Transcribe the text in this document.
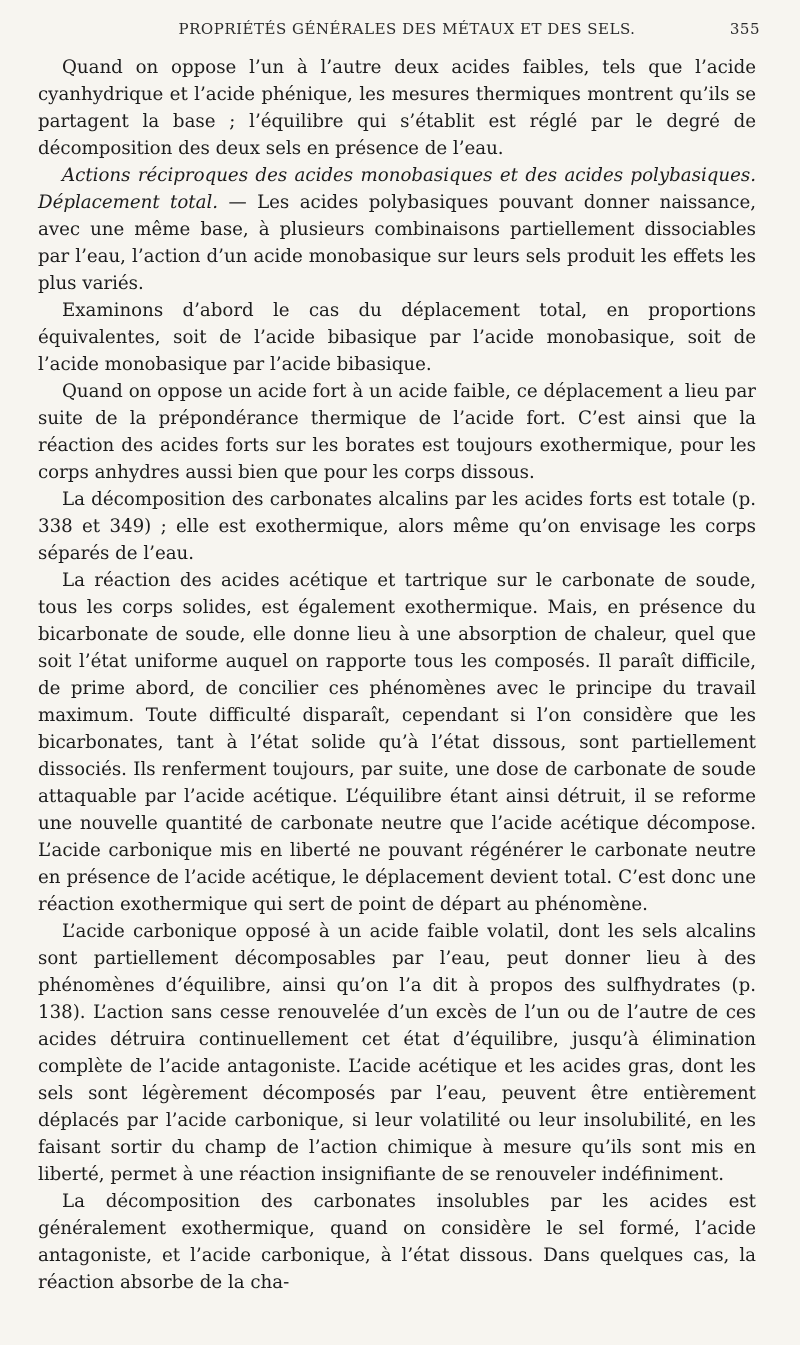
PROPRIÉTÉS GÉNÉRALES DES MÉTAUX ET DES SELS.	355

Quand on oppose l’un à l’autre deux acides faibles, tels que l’acide cyanhydrique et l’acide phénique, les mesures thermiques montrent qu’ils se partagent la base ; l’équilibre qui s’établit est réglé par le degré de décomposition des deux sels en présence de l’eau.

Actions réciproques des acides monobasiques et des acides polybasiques. Déplacement total. — Les acides polybasiques pouvant donner naissance, avec une même base, à plusieurs combinaisons partiellement dissociables par l’eau, l’action d’un acide monobasique sur leurs sels produit les effets les plus variés.

Examinons d’abord le cas du déplacement total, en proportions équivalentes, soit de l’acide bibasique par l’acide monobasique, soit de l’acide monobasique par l’acide bibasique.

Quand on oppose un acide fort à un acide faible, ce déplacement a lieu par suite de la prépondérance thermique de l’acide fort. C’est ainsi que la réaction des acides forts sur les borates est toujours exothermique, pour les corps anhydres aussi bien que pour les corps dissous.

La décomposition des carbonates alcalins par les acides forts est totale (p. 338 et 349) ; elle est exothermique, alors même qu’on envisage les corps séparés de l’eau.

La réaction des acides acétique et tartrique sur le carbonate de soude, tous les corps solides, est également exothermique. Mais, en présence du bicarbonate de soude, elle donne lieu à une absorption de chaleur, quel que soit l’état uniforme auquel on rapporte tous les composés. Il paraît difficile, de prime abord, de concilier ces phénomènes avec le principe du travail maximum. Toute difficulté disparaît, cependant si l’on considère que les bicarbonates, tant à l’état solide qu’à l’état dissous, sont partiellement dissociés. Ils renferment toujours, par suite, une dose de carbonate de soude attaquable par l’acide acétique. L’équilibre étant ainsi détruit, il se reforme une nouvelle quantité de carbonate neutre que l’acide acétique décompose. L’acide carbonique mis en liberté ne pouvant régénérer le carbonate neutre en présence de l’acide acétique, le déplacement devient total. C’est donc une réaction exothermique qui sert de point de départ au phénomène.

L’acide carbonique opposé à un acide faible volatil, dont les sels alcalins sont partiellement décomposables par l’eau, peut donner lieu à des phénomènes d’équilibre, ainsi qu’on l’a dit à propos des sulfhydrates (p. 138). L’action sans cesse renouvelée d’un excès de l’un ou de l’autre de ces acides détruira continuellement cet état d’équilibre, jusqu’à élimination complète de l’acide antagoniste. L’acide acétique et les acides gras, dont les sels sont légèrement décomposés par l’eau, peuvent être entièrement déplacés par l’acide carbonique, si leur volatilité ou leur insolubilité, en les faisant sortir du champ de l’action chimique à mesure qu’ils sont mis en liberté, permet à une réaction insignifiante de se renouveler indéfiniment.

La décomposition des carbonates insolubles par les acides est généralement exothermique, quand on considère le sel formé, l’acide antagoniste, et l’acide carbonique, à l’état dissous. Dans quelques cas, la réaction absorbe de la cha-
